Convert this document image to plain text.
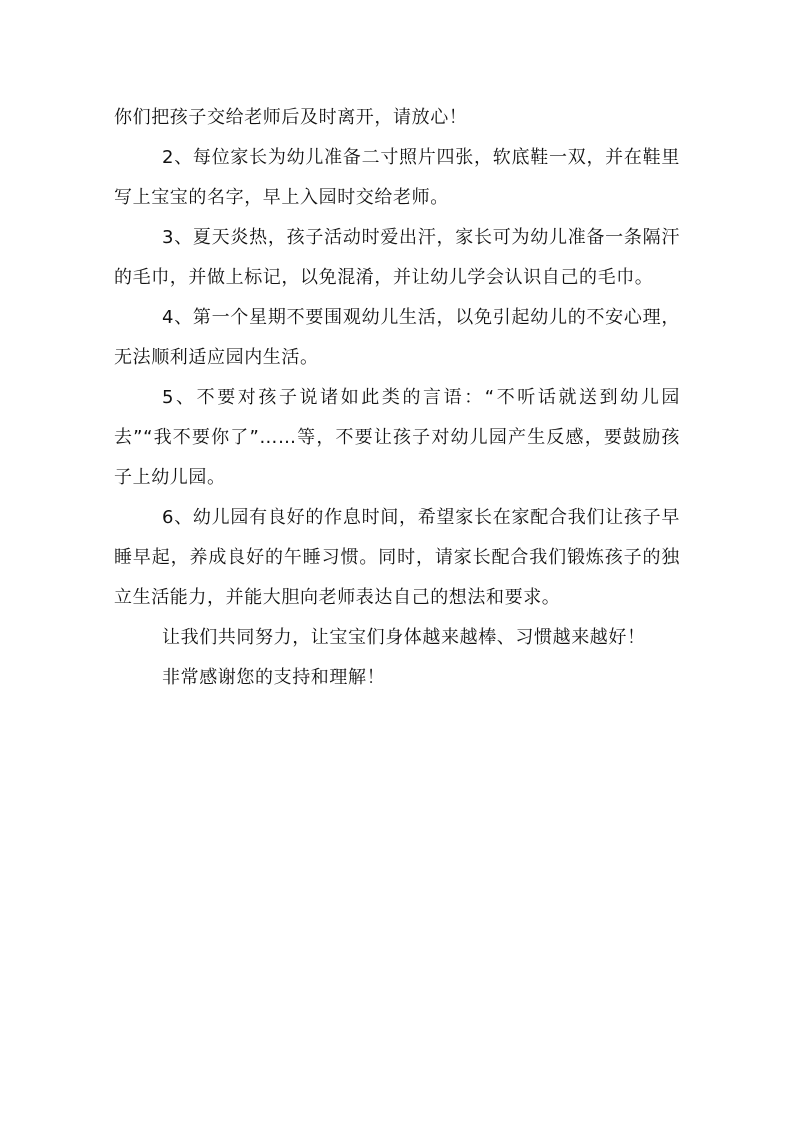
你们把孩子交给老师后及时离开，请放心！

2、每位家长为幼儿准备二寸照片四张，软底鞋一双，并在鞋里写上宝宝的名字，早上入园时交给老师。

3、夏天炎热，孩子活动时爱出汗，家长可为幼儿准备一条隔汗的毛巾，并做上标记，以免混淆，并让幼儿学会认识自己的毛巾。

4、第一个星期不要围观幼儿生活，以免引起幼儿的不安心理，无法顺利适应园内生活。

5、不要对孩子说诸如此类的言语：“不听话就送到幼儿园去”“我不要你了”……等，不要让孩子对幼儿园产生反感，要鼓励孩子上幼儿园。

6、幼儿园有良好的作息时间，希望家长在家配合我们让孩子早睡早起，养成良好的午睡习惯。同时，请家长配合我们锻炼孩子的独立生活能力，并能大胆向老师表达自己的想法和要求。

让我们共同努力，让宝宝们身体越来越棒、习惯越来越好！

非常感谢您的支持和理解！
